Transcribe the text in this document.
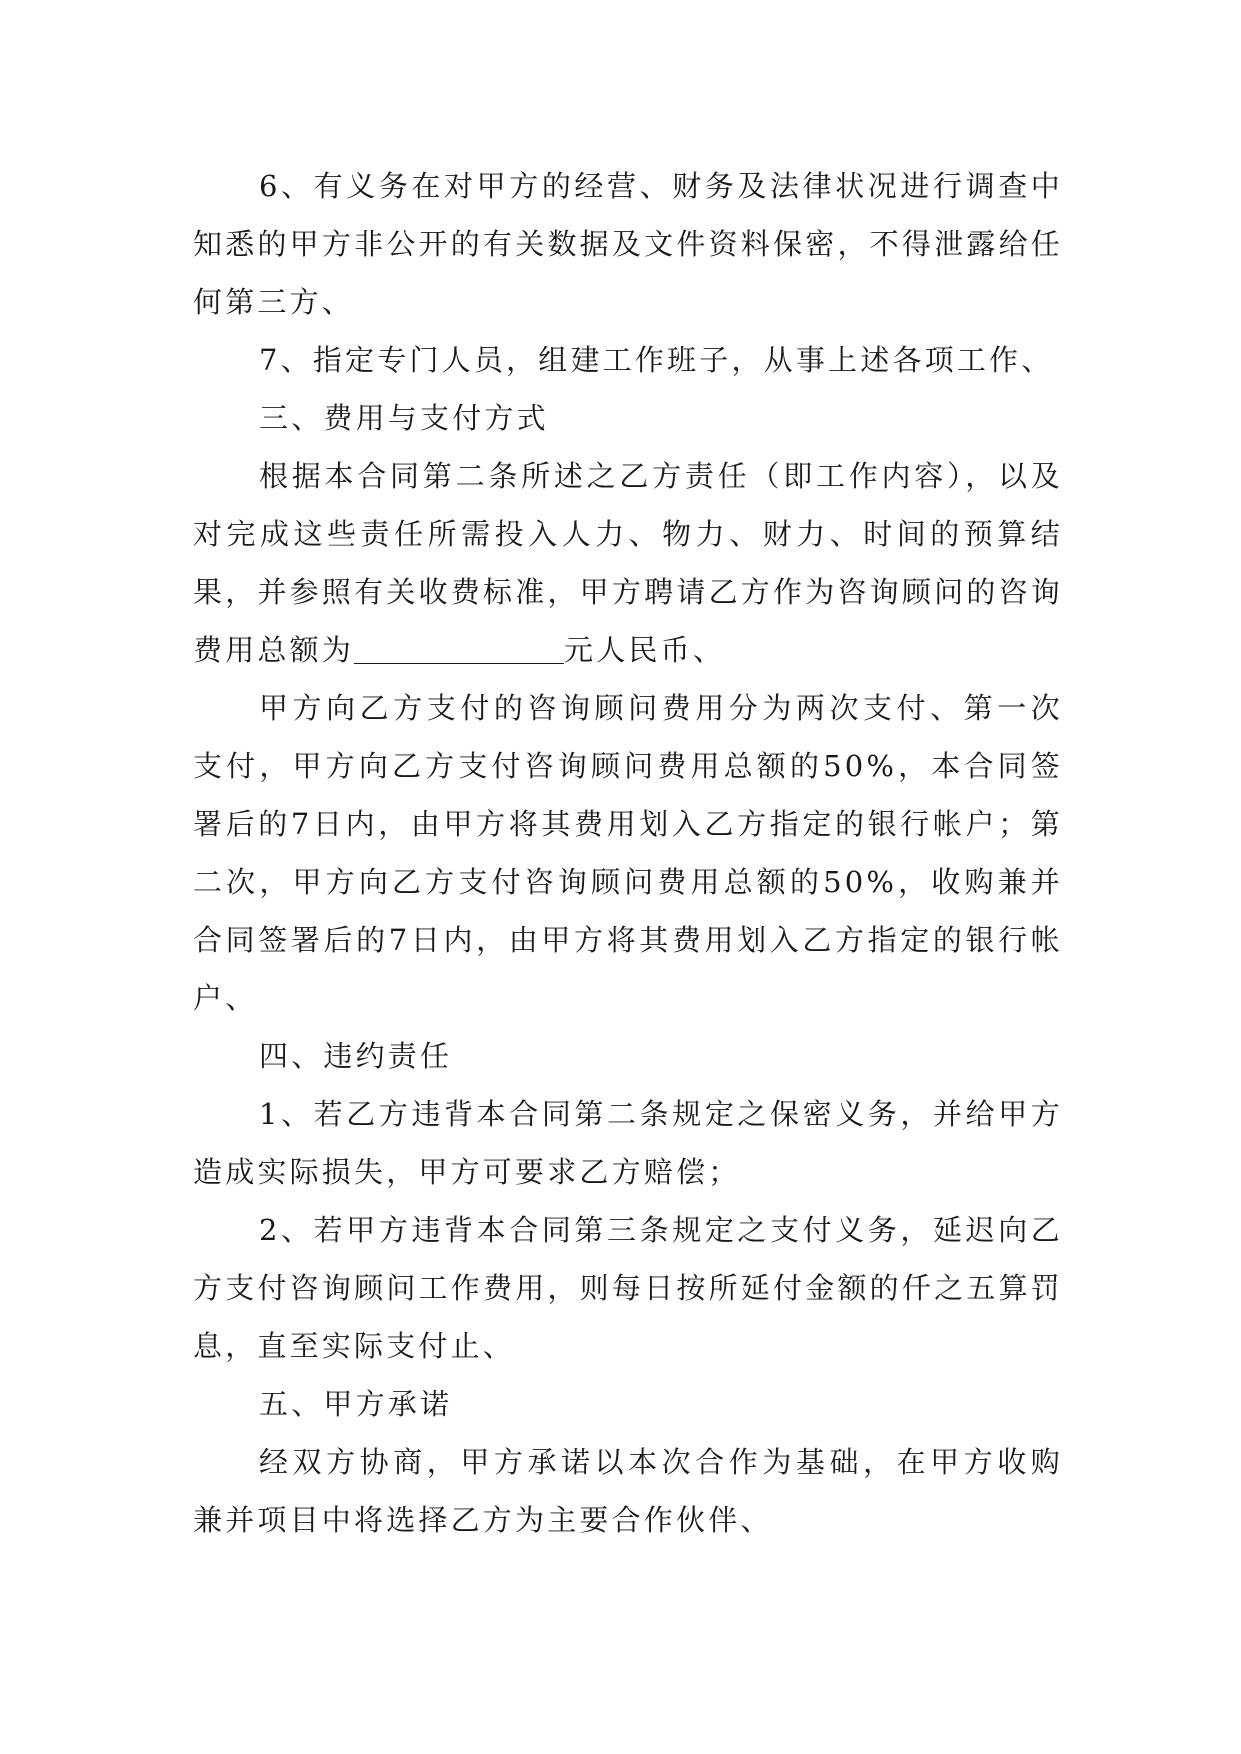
6、有义务在对甲方的经营、财务及法律状况进行调查中知悉的甲方非公开的有关数据及文件资料保密，不得泄露给任何第三方、

7、指定专门人员，组建工作班子，从事上述各项工作、

三、费用与支付方式

根据本合同第二条所述之乙方责任（即工作内容），以及对完成这些责任所需投入人力、物力、财力、时间的预算结果，并参照有关收费标准，甲方聘请乙方作为咨询顾问的咨询费用总额为	元人民币、

甲方向乙方支付的咨询顾问费用分为两次支付、第一次支付，甲方向乙方支付咨询顾问费用总额的50%，本合同签署后的7日内，由甲方将其费用划入乙方指定的银行帐户；第二次，甲方向乙方支付咨询顾问费用总额的50%，收购兼并合同签署后的7日内，由甲方将其费用划入乙方指定的银行帐户、

四、违约责任

1、若乙方违背本合同第二条规定之保密义务，并给甲方造成实际损失，甲方可要求乙方赔偿；

2、若甲方违背本合同第三条规定之支付义务，延迟向乙方支付咨询顾问工作费用，则每日按所延付金额的仟之五算罚息，直至实际支付止、

五、甲方承诺

经双方协商，甲方承诺以本次合作为基础，在甲方收购兼并项目中将选择乙方为主要合作伙伴、
